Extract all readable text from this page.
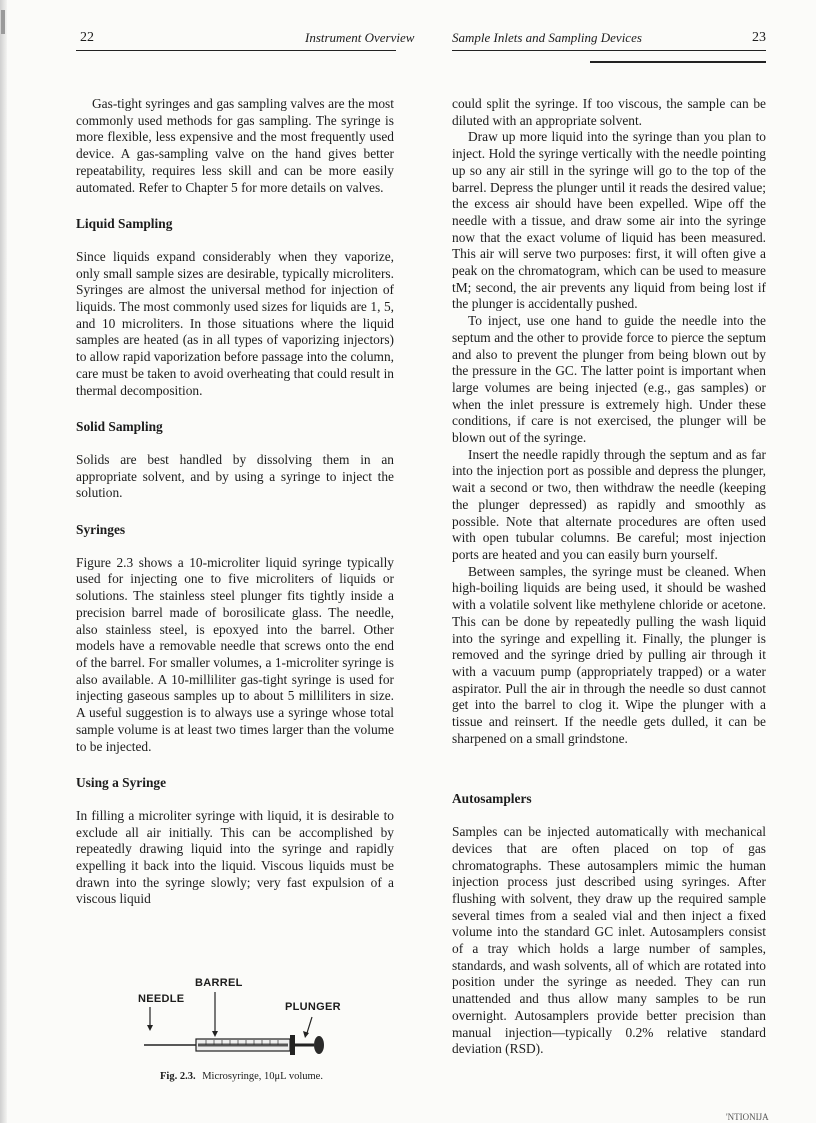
22	Instrument Overview	Sample Inlets and Sampling Devices	23

Gas-tight syringes and gas sampling valves are the most commonly used methods for gas sampling. The syringe is more flexible, less expensive and the most frequently used device. A gas-sampling valve on the hand gives better repeatability, requires less skill and can be more easily automated. Refer to Chapter 5 for more details on valves.

Liquid Sampling

Since liquids expand considerably when they vaporize, only small sample sizes are desirable, typically microliters. Syringes are almost the universal method for injection of liquids. The most commonly used sizes for liquids are 1, 5, and 10 microliters. In those situations where the liquid samples are heated (as in all types of vaporizing injectors) to allow rapid vaporization before passage into the column, care must be taken to avoid overheating that could result in thermal decomposition.

Solid Sampling

Solids are best handled by dissolving them in an appropriate solvent, and by using a syringe to inject the solution.

Syringes

Figure 2.3 shows a 10-microliter liquid syringe typically used for injecting one to five microliters of liquids or solutions. The stainless steel plunger fits tightly inside a precision barrel made of borosilicate glass. The needle, also stainless steel, is epoxyed into the barrel. Other models have a removable needle that screws onto the end of the barrel. For smaller volumes, a 1-microliter syringe is also available. A 10-milliliter gas-tight syringe is used for injecting gaseous samples up to about 5 milliliters in size. A useful suggestion is to always use a syringe whose total sample volume is at least two times larger than the volume to be injected.

Using a Syringe

In filling a microliter syringe with liquid, it is desirable to exclude all air initially. This can be accomplished by repeatedly drawing liquid into the syringe and rapidly expelling it back into the liquid. Viscous liquids must be drawn into the syringe slowly; very fast expulsion of a viscous liquid

BARREL
NEEDLE
PLUNGER
Fig. 2.3. Microsyringe, 10μL volume.

could split the syringe. If too viscous, the sample can be diluted with an appropriate solvent.

Draw up more liquid into the syringe than you plan to inject. Hold the syringe vertically with the needle pointing up so any air still in the syringe will go to the top of the barrel. Depress the plunger until it reads the desired value; the excess air should have been expelled. Wipe off the needle with a tissue, and draw some air into the syringe now that the exact volume of liquid has been measured. This air will serve two purposes: first, it will often give a peak on the chromatogram, which can be used to measure tM; second, the air prevents any liquid from being lost if the plunger is accidentally pushed.

To inject, use one hand to guide the needle into the septum and the other to provide force to pierce the septum and also to prevent the plunger from being blown out by the pressure in the GC. The latter point is important when large volumes are being injected (e.g., gas samples) or when the inlet pressure is extremely high. Under these conditions, if care is not exercised, the plunger will be blown out of the syringe.

Insert the needle rapidly through the septum and as far into the injection port as possible and depress the plunger, wait a second or two, then withdraw the needle (keeping the plunger depressed) as rapidly and smoothly as possible. Note that alternate procedures are often used with open tubular columns. Be careful; most injection ports are heated and you can easily burn yourself.

Between samples, the syringe must be cleaned. When high-boiling liquids are being used, it should be washed with a volatile solvent like methylene chloride or acetone. This can be done by repeatedly pulling the wash liquid into the syringe and expelling it. Finally, the plunger is removed and the syringe dried by pulling air through it with a vacuum pump (appropriately trapped) or a water aspirator. Pull the air in through the needle so dust cannot get into the barrel to clog it. Wipe the plunger with a tissue and reinsert. If the needle gets dulled, it can be sharpened on a small grindstone.

Autosamplers

Samples can be injected automatically with mechanical devices that are often placed on top of gas chromatographs. These autosamplers mimic the human injection process just described using syringes. After flushing with solvent, they draw up the required sample several times from a sealed vial and then inject a fixed volume into the standard GC inlet. Autosamplers consist of a tray which holds a large number of samples, standards, and wash solvents, all of which are rotated into position under the syringe as needed. They can run unattended and thus allow many samples to be run overnight. Autosamplers provide better precision than manual injection—typically 0.2% relative standard deviation (RSD).

'NTIONIJA
